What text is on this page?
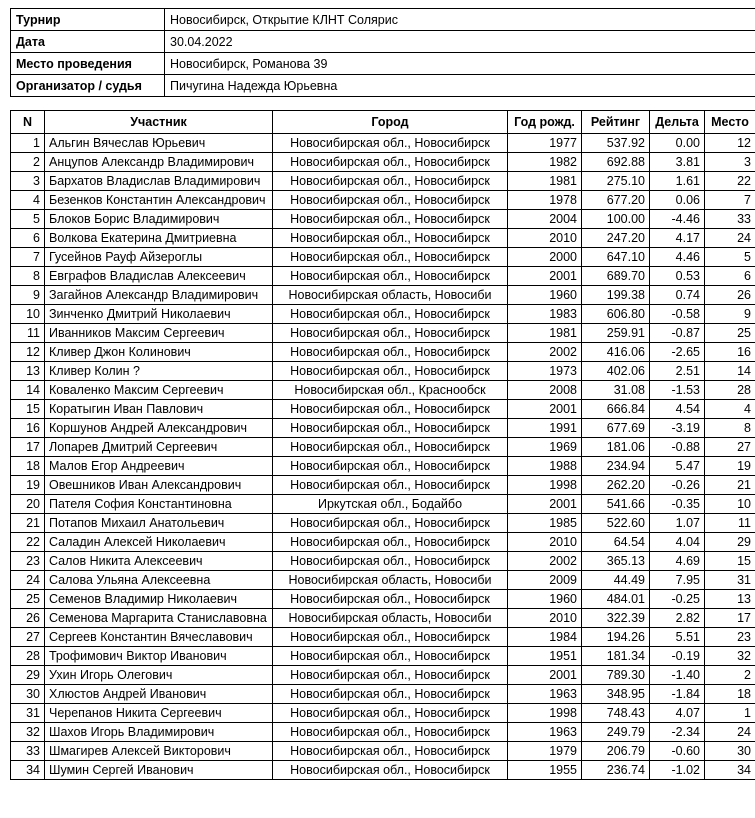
Турнир	Новосибирск, Открытие КЛНТ Солярис
Дата	30.04.2022
Место проведения	Новосибирск, Романова 39
Организатор / судья	Пичугина Надежда Юрьевна
N	Участник	Город	Год рожд.	Рейтинг	Дельта	Место
1	Альгин Вячеслав Юрьевич	Новосибирская обл., Новосибирск	1977	537.92	0.00	12
2	Анцупов Александр Владимирович	Новосибирская обл., Новосибирск	1982	692.88	3.81	3
3	Бархатов Владислав Владимирович	Новосибирская обл., Новосибирск	1981	275.10	1.61	22
4	Безенков Константин Александрович	Новосибирская обл., Новосибирск	1978	677.20	0.06	7
5	Блоков Борис Владимирович	Новосибирская обл., Новосибирск	2004	100.00	-4.46	33
6	Волкова Екатерина Дмитриевна	Новосибирская обл., Новосибирск	2010	247.20	4.17	24
7	Гусейнов Рауф Айзероглы	Новосибирская обл., Новосибирск	2000	647.10	4.46	5
8	Евграфов Владислав Алексеевич	Новосибирская обл., Новосибирск	2001	689.70	0.53	6
9	Загайнов Александр Владимирович	Новосибирская область, Новосиби	1960	199.38	0.74	26
10	Зинченко Дмитрий Николаевич	Новосибирская обл., Новосибирск	1983	606.80	-0.58	9
11	Иванников Максим Сергеевич	Новосибирская обл., Новосибирск	1981	259.91	-0.87	25
12	Кливер Джон Колинович	Новосибирская обл., Новосибирск	2002	416.06	-2.65	16
13	Кливер Колин ?	Новосибирская обл., Новосибирск	1973	402.06	2.51	14
14	Коваленко Максим Сергеевич	Новосибирская обл., Краснообск	2008	31.08	-1.53	28
15	Коратыгин Иван Павлович	Новосибирская обл., Новосибирск	2001	666.84	4.54	4
16	Коршунов Андрей Александрович	Новосибирская обл., Новосибирск	1991	677.69	-3.19	8
17	Лопарев Дмитрий Сергеевич	Новосибирская обл., Новосибирск	1969	181.06	-0.88	27
18	Малов Егор Андреевич	Новосибирская обл., Новосибирск	1988	234.94	5.47	19
19	Овешников Иван Александрович	Новосибирская обл., Новосибирск	1998	262.20	-0.26	21
20	Пателя София Константиновна	Иркутская обл., Бодайбо	2001	541.66	-0.35	10
21	Потапов Михаил Анатольевич	Новосибирская обл., Новосибирск	1985	522.60	1.07	11
22	Саладин Алексей Николаевич	Новосибирская обл., Новосибирск	2010	64.54	4.04	29
23	Салов Никита Алексеевич	Новосибирская обл., Новосибирск	2002	365.13	4.69	15
24	Салова Ульяна Алексеевна	Новосибирская область, Новосиби	2009	44.49	7.95	31
25	Семенов Владимир Николаевич	Новосибирская обл., Новосибирск	1960	484.01	-0.25	13
26	Семенова Маргарита Станиславовна	Новосибирская область, Новосиби	2010	322.39	2.82	17
27	Сергеев Константин Вячеславович	Новосибирская обл., Новосибирск	1984	194.26	5.51	23
28	Трофимович Виктор Иванович	Новосибирская обл., Новосибирск	1951	181.34	-0.19	32
29	Ухин Игорь Олегович	Новосибирская обл., Новосибирск	2001	789.30	-1.40	2
30	Хлюстов Андрей Иванович	Новосибирская обл., Новосибирск	1963	348.95	-1.84	18
31	Черепанов Никита Сергеевич	Новосибирская обл., Новосибирск	1998	748.43	4.07	1
32	Шахов Игорь Владимирович	Новосибирская обл., Новосибирск	1963	249.79	-2.34	24
33	Шмагирев Алексей Викторович	Новосибирская обл., Новосибирск	1979	206.79	-0.60	30
34	Шумин Сергей Иванович	Новосибирская обл., Новосибирск	1955	236.74	-1.02	34
